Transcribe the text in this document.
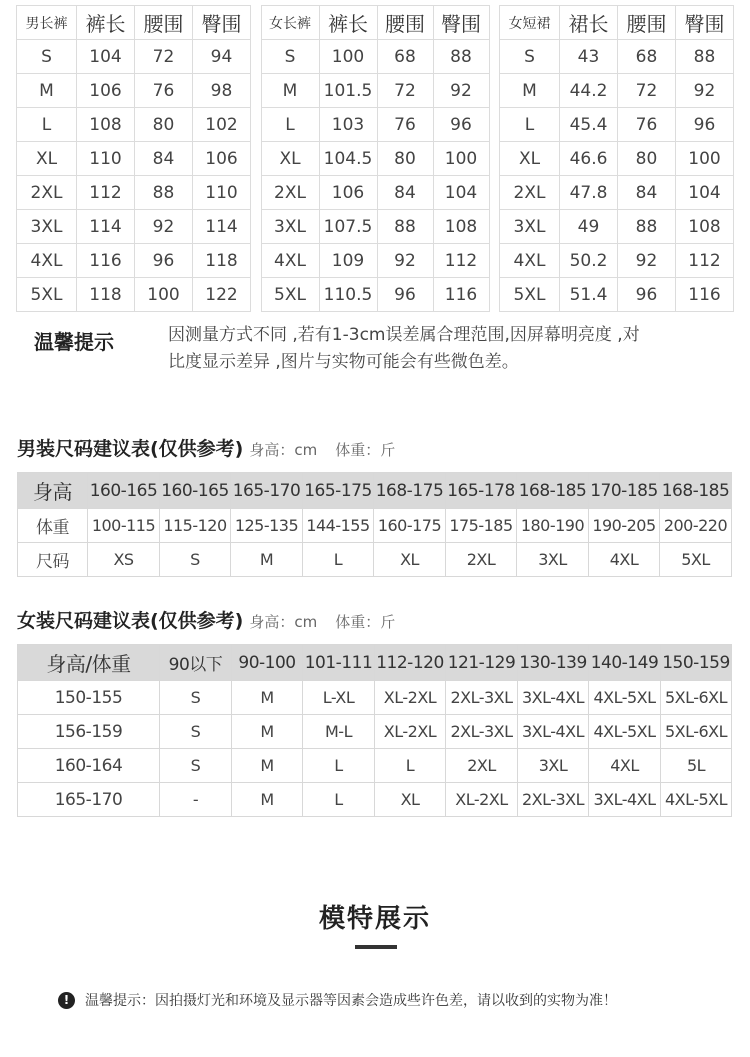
男长裤	裤长	腰围	臀围
S	104	72	94
M	106	76	98
L	108	80	102
XL	110	84	106
2XL	112	88	110
3XL	114	92	114
4XL	116	96	118
5XL	118	100	122
女长裤	裤长	腰围	臀围
S	100	68	88
M	101.5	72	92
L	103	76	96
XL	104.5	80	100
2XL	106	84	104
3XL	107.5	88	108
4XL	109	92	112
5XL	110.5	96	116
女短裙	裙长	腰围	臀围
S	43	68	88
M	44.2	72	92
L	45.4	76	96
XL	46.6	80	100
2XL	47.8	84	104
3XL	49	88	108
4XL	50.2	92	112
5XL	51.4	96	116
温馨提示	因测量方式不同 ,若有1-3cm误差属合理范围,因屏幕明亮度 ,对
比度显示差异 ,图片与实物可能会有些微色差。
男装尺码建议表(仅供参考) 身高：cm 体重：斤
身高	160-165	160-165	165-170	165-175	168-175	165-178	168-185	170-185	168-185
体重	100-115	115-120	125-135	144-155	160-175	175-185	180-190	190-205	200-220
尺码	XS	S	M	L	XL	2XL	3XL	4XL	5XL
女装尺码建议表(仅供参考) 身高：cm 体重：斤
身高/体重	90以下	90-100	101-111	112-120	121-129	130-139	140-149	150-159
150-155	S	M	L-XL	XL-2XL	2XL-3XL	3XL-4XL	4XL-5XL	5XL-6XL
156-159	S	M	M-L	XL-2XL	2XL-3XL	3XL-4XL	4XL-5XL	5XL-6XL
160-164	S	M	L	L	2XL	3XL	4XL	5L
165-170	-	M	L	XL	XL-2XL	2XL-3XL	3XL-4XL	4XL-5XL
模特展示
!	温馨提示：因拍摄灯光和环境及显示器等因素会造成些许色差，请以收到的实物为准！
